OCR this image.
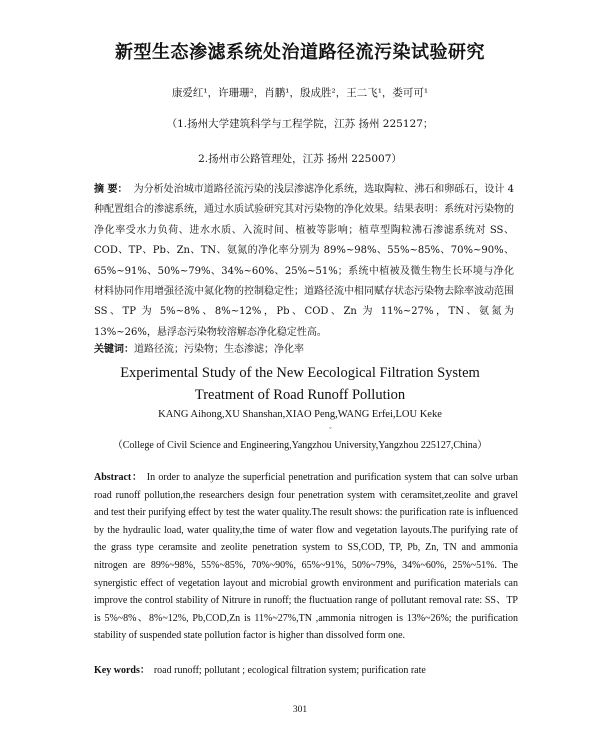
新型生态渗滤系统处治道路径流污染试验研究
康爱红¹，许珊珊²，肖鹏¹，殷成胜²，王二飞¹，娄可可¹
（1.扬州大学建筑科学与工程学院，江苏 扬州 225127；
2.扬州市公路管理处，江苏 扬州 225007）

摘 要： 为分析处治城市道路径流污染的浅层渗滤净化系统，选取陶粒、沸石和卵砾石，设计 4 种配置组合的渗滤系统，通过水质试验研究其对污染物的净化效果。结果表明：系统对污染物的净化率受水力负荷、进水水质、入流时间、植被等影响；植草型陶粒沸石渗滤系统对 SS、COD、TP、Pb、Zn、TN、氨氮的净化率分别为 89%~98%、55%~85%、70%~90%、65%~91%、50%~79%、34%~60%、25%~51%；系统中植被及微生物生长环境与净化材料协同作用增强径流中氮化物的控制稳定性；道路径流中相同赋存状态污染物去除率波动范围 SS、TP 为 5%~8%、8%~12%，Pb、COD、Zn 为 11%~27%，TN、氨氮为 13%~26%，悬浮态污染物较溶解态净化稳定性高。

关键词：道路径流；污染物；生态渗滤；净化率
Experimental Study of the New Eecological Filtration System
Treatment of Road Runoff Pollution
KANG Aihong,XU Shanshan,XIAO Peng,WANG Erfei,LOU Keke
ˇ
（College of Civil Science and Engineering,Yangzhou University,Yangzhou 225127,China）

Abstract： In order to analyze the superficial penetration and purification system that can solve urban road runoff pollution,the researchers design four penetration system with ceramsitet,zeolite and gravel and test their purifying effect by test the water quality.The result shows: the purification rate is influenced by the hydraulic load, water quality,the time of water flow and vegetation layouts.The purifying rate of the grass type ceramsite and zeolite penetration system to SS,COD, TP, Pb, Zn, TN and ammonia nitrogen are 89%~98%, 55%~85%, 70%~90%, 65%~91%, 50%~79%, 34%~60%, 25%~51%. The synergistic effect of vegetation layout and microbial growth environment and purification materials can improve the control stability of Nitrure in runoff; the fluctuation range of pollutant removal rate: SS、TP is 5%~8%、8%~12%, Pb,COD,Zn is 11%~27%,TN ,ammonia nitrogen is 13%~26%; the purification stability of suspended state pollution factor is higher than dissolved form one.

Key words： road runoff; pollutant ; ecological filtration system; purification rate
301
